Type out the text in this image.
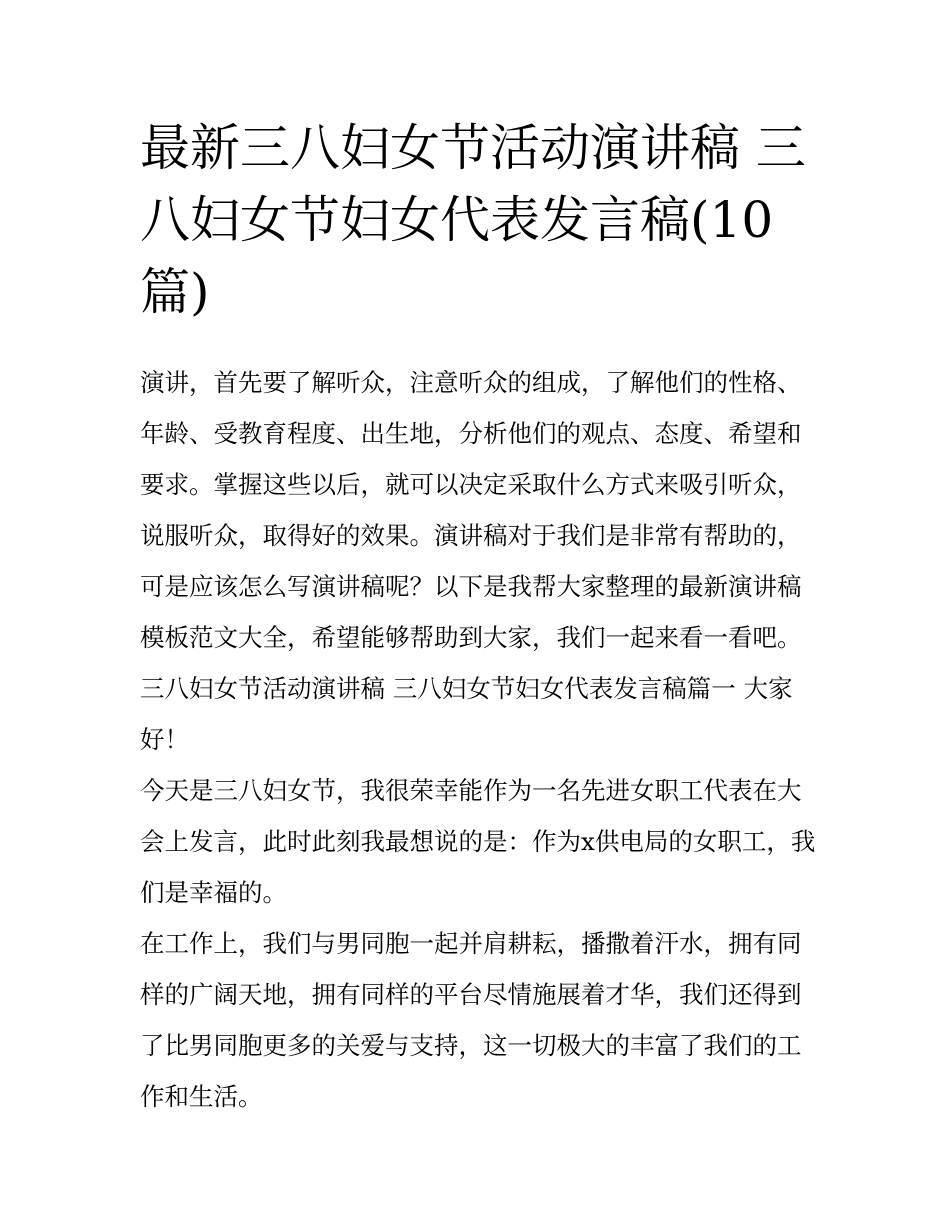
最新三八妇女节活动演讲稿 三八妇女节妇女代表发言稿(10篇)

演讲，首先要了解听众，注意听众的组成，了解他们的性格、年龄、受教育程度、出生地，分析他们的观点、态度、希望和要求。掌握这些以后，就可以决定采取什么方式来吸引听众，说服听众，取得好的效果。演讲稿对于我们是非常有帮助的，可是应该怎么写演讲稿呢？以下是我帮大家整理的最新演讲稿模板范文大全，希望能够帮助到大家，我们一起来看一看吧。

三八妇女节活动演讲稿 三八妇女节妇女代表发言稿篇一 大家好！

今天是三八妇女节，我很荣幸能作为一名先进女职工代表在大会上发言，此时此刻我最想说的是：作为x供电局的女职工，我们是幸福的。

在工作上，我们与男同胞一起并肩耕耘，播撒着汗水，拥有同样的广阔天地，拥有同样的平台尽情施展着才华，我们还得到了比男同胞更多的关爱与支持，这一切极大的丰富了我们的工作和生活。
